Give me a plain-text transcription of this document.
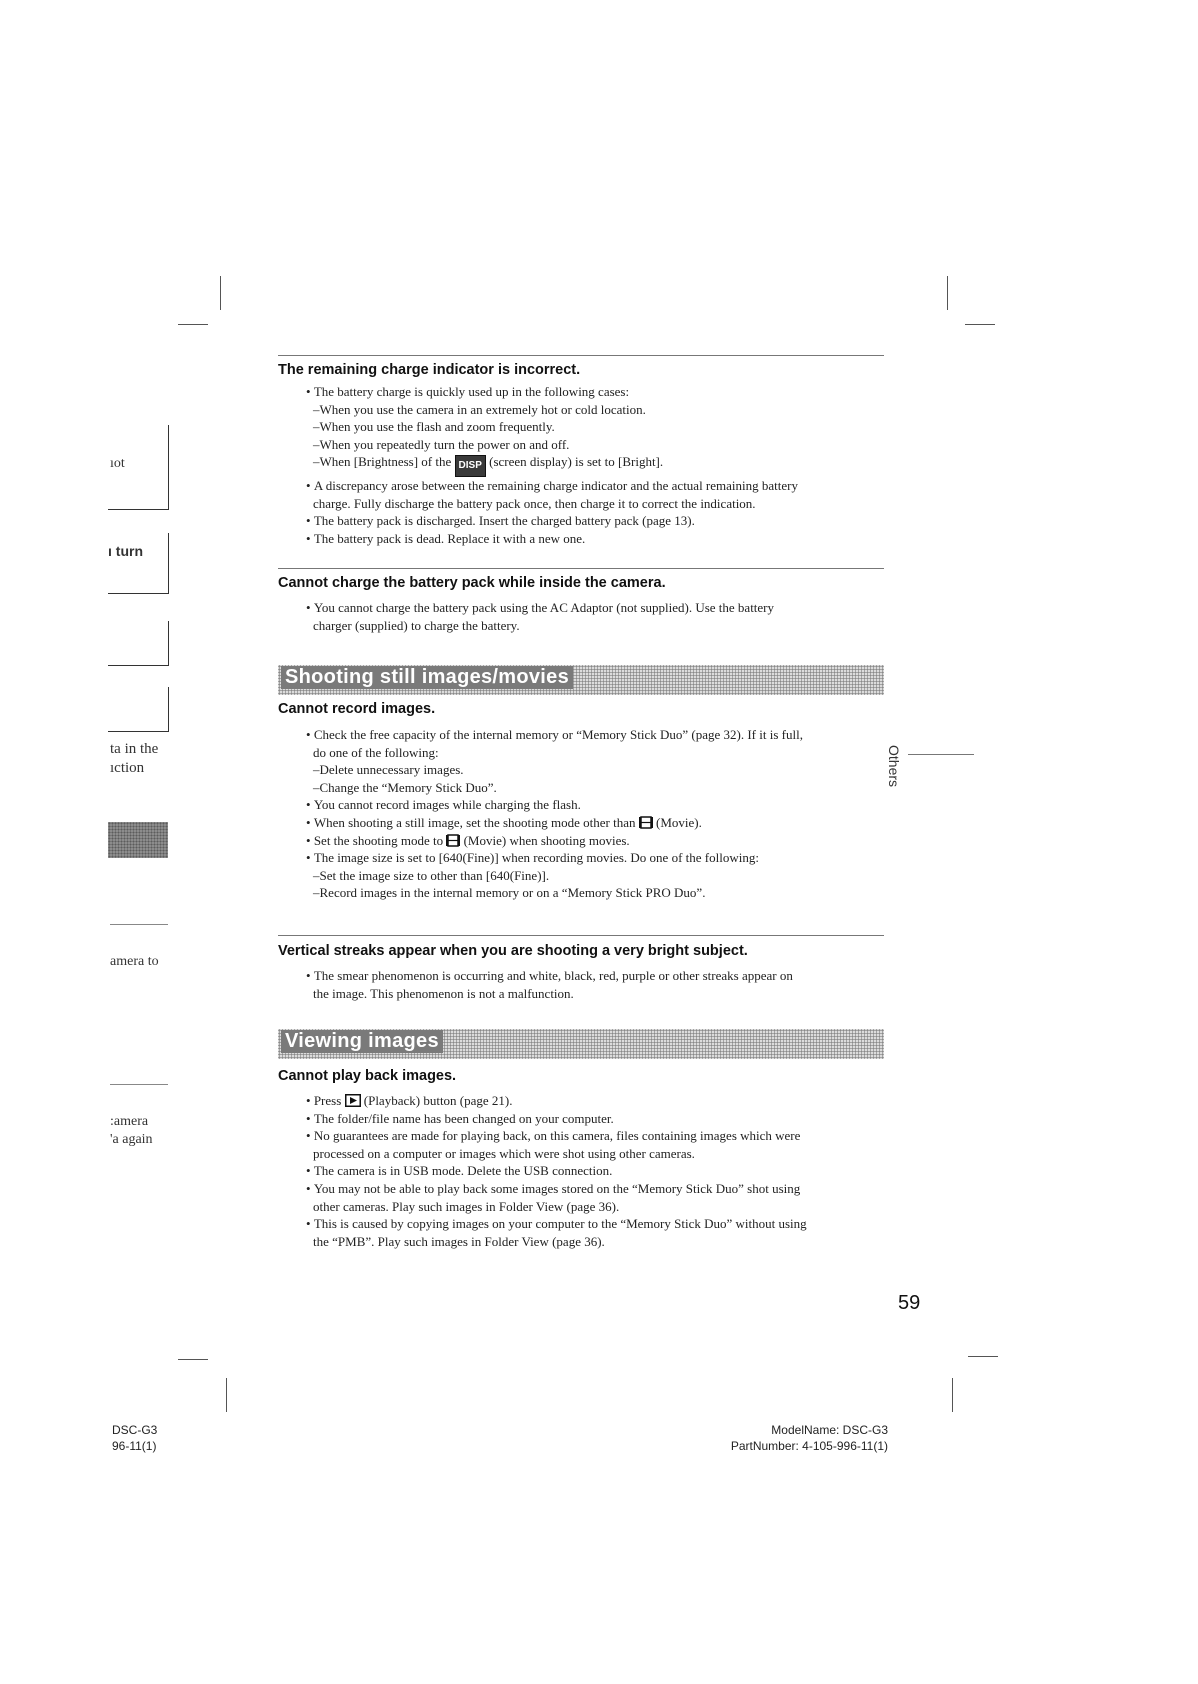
ıot
ı turn
ta in the
ıction
amera to
:amera
'a again
The remaining charge indicator is incorrect.

• The battery charge is quickly used up in the following cases:

–When you use the camera in an extremely hot or cold location.

–When you use the flash and zoom frequently.

–When you repeatedly turn the power on and off.

–When [Brightness] of the DISP (screen display) is set to [Bright].

• A discrepancy arose between the remaining charge indicator and the actual remaining battery

charge. Fully discharge the battery pack once, then charge it to correct the indication.

• The battery pack is discharged. Insert the charged battery pack (page 13).

• The battery pack is dead. Replace it with a new one.

Cannot charge the battery pack while inside the camera.

• You cannot charge the battery pack using the AC Adaptor (not supplied). Use the battery

charger (supplied) to charge the battery.

Shooting still images/movies
Cannot record images.

• Check the free capacity of the internal memory or “Memory Stick Duo” (page 32). If it is full,

do one of the following:

–Delete unnecessary images.

–Change the “Memory Stick Duo”.

• You cannot record images while charging the flash.

• When shooting a still image, set the shooting mode other than (Movie).

• Set the shooting mode to (Movie) when shooting movies.

• The image size is set to [640(Fine)] when recording movies. Do one of the following:

–Set the image size to other than [640(Fine)].

–Record images in the internal memory or on a “Memory Stick PRO Duo”.

Vertical streaks appear when you are shooting a very bright subject.

• The smear phenomenon is occurring and white, black, red, purple or other streaks appear on

the image. This phenomenon is not a malfunction.

Viewing images
Cannot play back images.

• Press (Playback) button (page 21).

• The folder/file name has been changed on your computer.

• No guarantees are made for playing back, on this camera, files containing images which were

processed on a computer or images which were shot using other cameras.

• The camera is in USB mode. Delete the USB connection.

• You may not be able to play back some images stored on the “Memory Stick Duo” shot using

other cameras. Play such images in Folder View (page 36).

• This is caused by copying images on your computer to the “Memory Stick Duo” without using

the “PMB”. Play such images in Folder View (page 36).

Others
59
DSC-G3
96-11(1)
ModelName: DSC-G3
PartNumber: 4-105-996-11(1)
